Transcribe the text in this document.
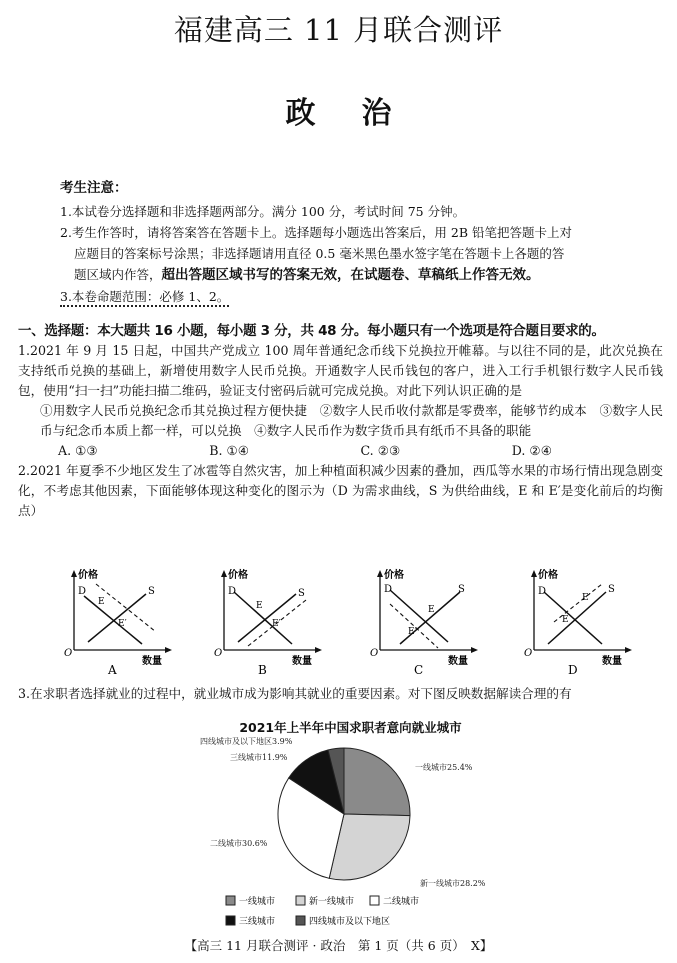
福建高三 11 月联合测评
政治
考生注意：
1.本试卷分选择题和非选择题两部分。满分 100 分，考试时间 75 分钟。
2.考生作答时，请将答案答在答题卡上。选择题每小题选出答案后，用 2B 铅笔把答题卡上对
应题目的答案标号涂黑；非选择题请用直径 0.5 毫米黑色墨水签字笔在答题卡上各题的答
题区域内作答，超出答题区域书写的答案无效，在试题卷、草稿纸上作答无效。
3.本卷命题范围：必修 1、2。
一、选择题：本大题共 16 小题，每小题 3 分，共 48 分。每小题只有一个选项是符合题目要求的。
1.2021 年 9 月 15 日起，中国共产党成立 100 周年普通纪念币线下兑换拉开帷幕。与以往不同的是，此次兑换在支持纸币兑换的基础上，新增使用数字人民币兑换。开通数字人民币钱包的客户，进入工行手机银行数字人民币钱包，使用“扫一扫”功能扫描二维码，验证支付密码后就可完成兑换。对此下列认识正确的是
①用数字人民币兑换纪念币其兑换过程方便快捷　②数字人民币收付款都是零费率，能够节约成本　③数字人民币与纪念币本质上都一样，可以兑换　④数字人民币作为数字货币具有纸币不具备的职能
A. ①③	B. ①④	C. ②③	D. ②④
2.2021 年夏季不少地区发生了冰雹等自然灾害，加上种植面积减少因素的叠加，西瓜等水果的市场行情出现急剧变化，不考虑其他因素，下面能够体现这种变化的图示为（D 为需求曲线，S 为供给曲线，E 和 E′是变化前后的均衡点）
价格
数量
O
D	S
E
E′
A
价格
数量
O
D	S
E
E′
B
价格
数量
O
D	S
E
E′
C
价格
数量
O
D	S
E′
E
D
3.在求职者选择就业的过程中，就业城市成为影响其就业的重要因素。对下图反映数据解读合理的有
2021年上半年中国求职者意向就业城市
一线城市25.4%
新一线城市28.2%
二线城市30.6%
三线城市11.9%
四线城市及以下地区3.9%
一线城市	新一线城市	二线城市
三线城市	四线城市及以下地区
【高三 11 月联合测评 · 政治　第 1 页（共 6 页）　X】
